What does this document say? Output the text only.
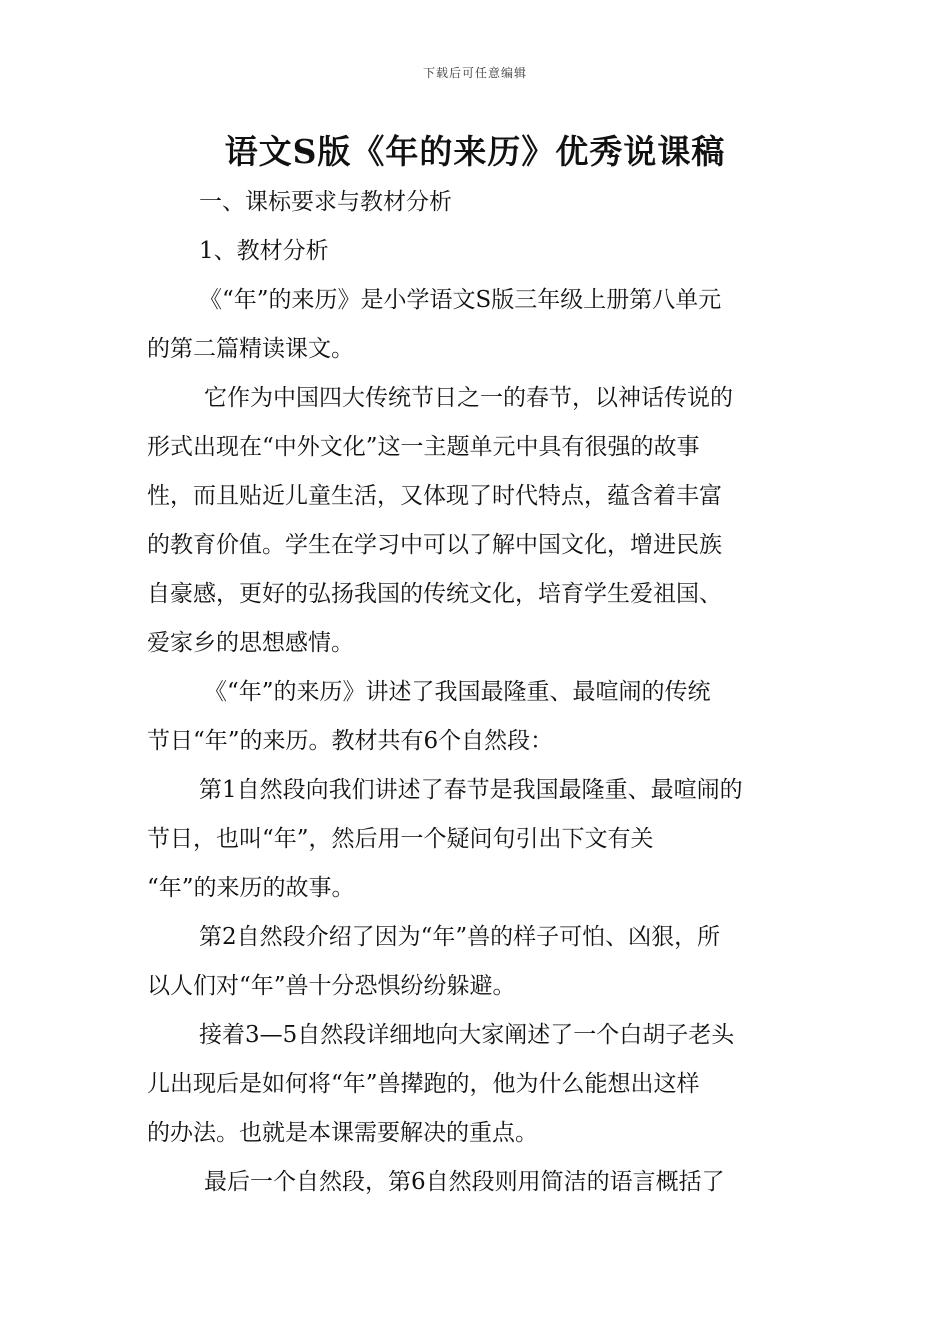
下载后可任意编辑
语文S版《年的来历》优秀说课稿

一、课标要求与教材分析

1、教材分析

《“年”的来历》是小学语文S版三年级上册第八单元

的第二篇精读课文。

它作为中国四大传统节日之一的春节，以神话传说的

形式出现在“中外文化”这一主题单元中具有很强的故事

性，而且贴近儿童生活，又体现了时代特点，蕴含着丰富

的教育价值。学生在学习中可以了解中国文化，增进民族

自豪感，更好的弘扬我国的传统文化，培育学生爱祖国、

爱家乡的思想感情。

《“年”的来历》讲述了我国最隆重、最喧闹的传统

节日“年”的来历。教材共有6个自然段：

第1自然段向我们讲述了春节是我国最隆重、最喧闹的

节日，也叫“年”，然后用一个疑问句引出下文有关

“年”的来历的故事。

第2自然段介绍了因为“年”兽的样子可怕、凶狠，所

以人们对“年”兽十分恐惧纷纷躲避。

接着3—5自然段详细地向大家阐述了一个白胡子老头

儿出现后是如何将“年”兽撵跑的，他为什么能想出这样

的办法。也就是本课需要解决的重点。

最后一个自然段，第6自然段则用简洁的语言概括了
